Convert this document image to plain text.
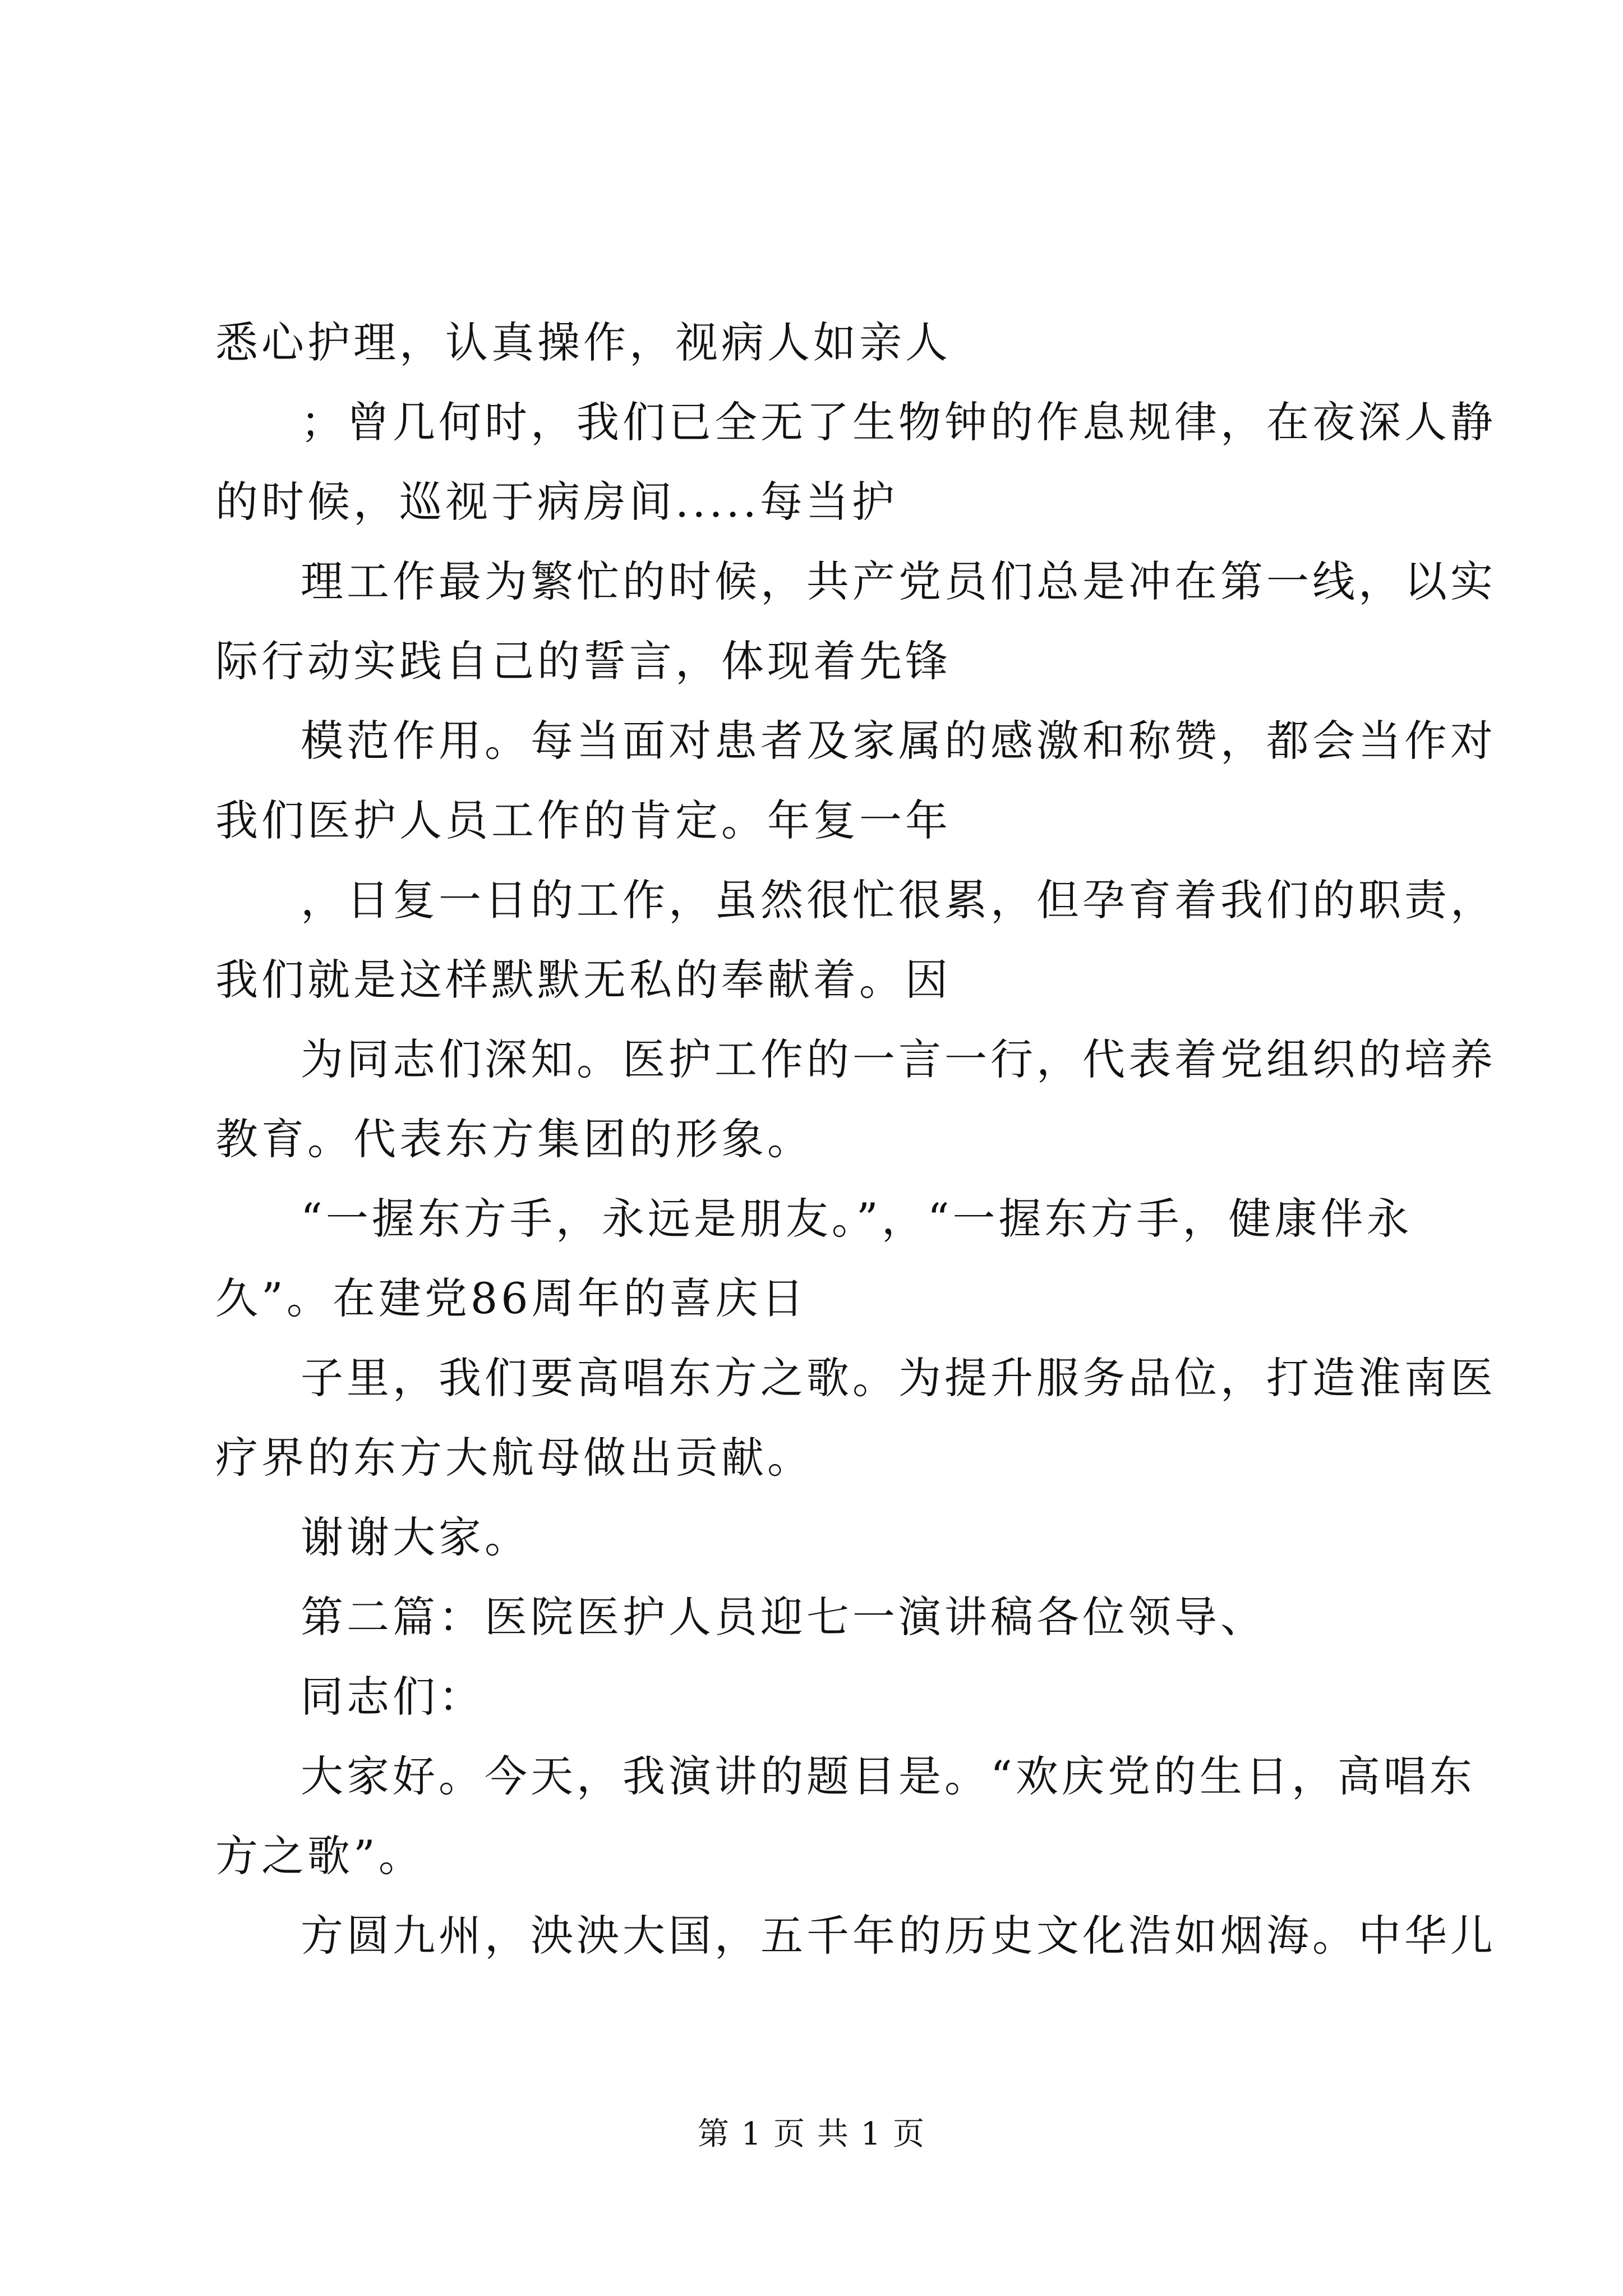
悉心护理，认真操作，视病人如亲人

；曾几何时，我们已全无了生物钟的作息规律，在夜深人静

的时候，巡视于病房间.....每当护

理工作最为繁忙的时候，共产党员们总是冲在第一线，以实

际行动实践自己的誓言，体现着先锋

模范作用。每当面对患者及家属的感激和称赞，都会当作对

我们医护人员工作的肯定。年复一年

，日复一日的工作，虽然很忙很累，但孕育着我们的职责，

我们就是这样默默无私的奉献着。因

为同志们深知。医护工作的一言一行，代表着党组织的培养

教育。代表东方集团的形象。

“一握东方手，永远是朋友。”，“一握东方手，健康伴永

久”。在建党86周年的喜庆日

子里，我们要高唱东方之歌。为提升服务品位，打造淮南医

疗界的东方大航母做出贡献。

谢谢大家。

第二篇：医院医护人员迎七一演讲稿各位领导、

同志们：

大家好。今天，我演讲的题目是。“欢庆党的生日，高唱东

方之歌”。

方圆九州，泱泱大国，五千年的历史文化浩如烟海。中华儿

第 1 页 共 1 页
